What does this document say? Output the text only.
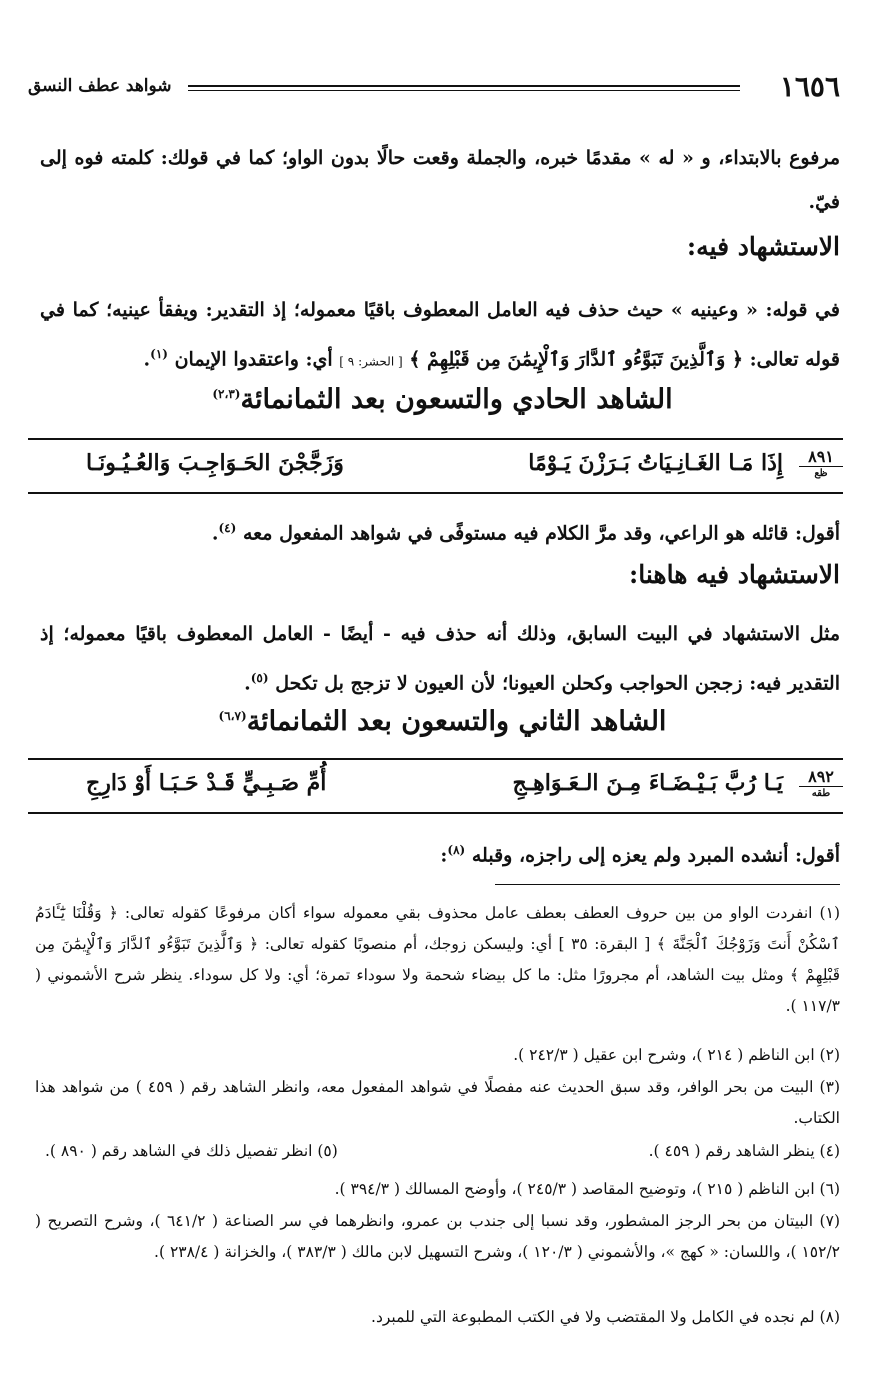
١٦٥٦
شواهد عطف النسق
مرفوع بالابتداء، و « له » مقدمًا خبره، والجملة وقعت حالًا بدون الواو؛ كما في قولك: كلمته فوه إلى فيّ.
الاستشهاد فيه:
في قوله: « وعينيه » حيث حذف فيه العامل المعطوف باقيًا معموله؛ إذ التقدير: ويفقأ عينيه؛ كما في قوله تعالى: ﴿ وَٱلَّذِينَ تَبَوَّءُو ٱلدَّارَ وَٱلْإِيمَٰنَ مِن قَبْلِهِمْ ﴾ [ الحشر: ٩ ] أي: واعتقدوا الإيمان $^{(١)}$.
الشاهد الحادي والتسعون بعد الثمانمائة$^{(٢،٣)}$
٨٩١
ظع
إِذَا مَـا الغَـانِـيَاتُ بَـرَزْنَ يَـوْمًا
وَزَجَّجْنَ الحَـوَاجِـبَ وَالعُـيُـونَـا
أقول: قائله هو الراعي، وقد مرَّ الكلام فيه مستوفًى في شواهد المفعول معه $^{(٤)}$.
الاستشهاد فيه هاهنا:
مثل الاستشهاد في البيت السابق، وذلك أنه حذف فيه - أيضًا - العامل المعطوف باقيًا معموله؛ إذ التقدير فيه: زججن الحواجب وكحلن العيونا؛ لأن العيون لا تزجج بل تكحل $^{(٥)}$.
الشاهد الثاني والتسعون بعد الثمانمائة$^{(٦،٧)}$
٨٩٢
طقه
يَـا رُبَّ بَـيْـضَـاءَ مِـنَ الـعَـوَاهِـجِ
أُمِّ صَـبِـيٍّ قَـدْ حَـبَـا أَوْ دَارِجِ
أقول: أنشده المبرد ولم يعزه إلى راجزه، وقبله $^{(٨)}$:
(١) انفردت الواو من بين حروف العطف بعطف عامل محذوف بقي معموله سواء أكان مرفوعًا كقوله تعالى: ﴿ وَقُلْنَا يَٰٓـَٔادَمُ ٱسْكُنْ أَنتَ وَزَوْجُكَ ٱلْجَنَّةَ ﴾ [ البقرة: ٣٥ ] أي: وليسكن زوجك، أم منصوبًا كقوله تعالى: ﴿ وَٱلَّذِينَ تَبَوَّءُو ٱلدَّارَ وَٱلْإِيمَٰنَ مِن قَبْلِهِمْ ﴾ ومثل بيت الشاهد، أم مجرورًا مثل: ما كل بيضاء شحمة ولا سوداء تمرة؛ أي: ولا كل سوداء. ينظر شرح الأشموني ( ١١٧/٣ ).
(٢) ابن الناظم ( ٢١٤ )، وشرح ابن عقيل ( ٢٤٢/٣ ).
(٣) البيت من بحر الوافر، وقد سبق الحديث عنه مفصلًا في شواهد المفعول معه، وانظر الشاهد رقم ( ٤٥٩ ) من شواهد هذا الكتاب.
(٤) ينظر الشاهد رقم ( ٤٥٩ ).
(٥) انظر تفصيل ذلك في الشاهد رقم ( ٨٩٠ ).
(٦) ابن الناظم ( ٢١٥ )، وتوضيح المقاصد ( ٢٤٥/٣ )، وأوضح المسالك ( ٣٩٤/٣ ).
(٧) البيتان من بحر الرجز المشطور، وقد نسبا إلى جندب بن عمرو، وانظرهما في سر الصناعة ( ٦٤١/٢ )، وشرح التصريح ( ١٥٢/٢ )، واللسان: « كهج »، والأشموني ( ١٢٠/٣ )، وشرح التسهيل لابن مالك ( ٣٨٣/٣ )، والخزانة ( ٢٣٨/٤ ).
(٨) لم نجده في الكامل ولا المقتضب ولا في الكتب المطبوعة التي للمبرد.
